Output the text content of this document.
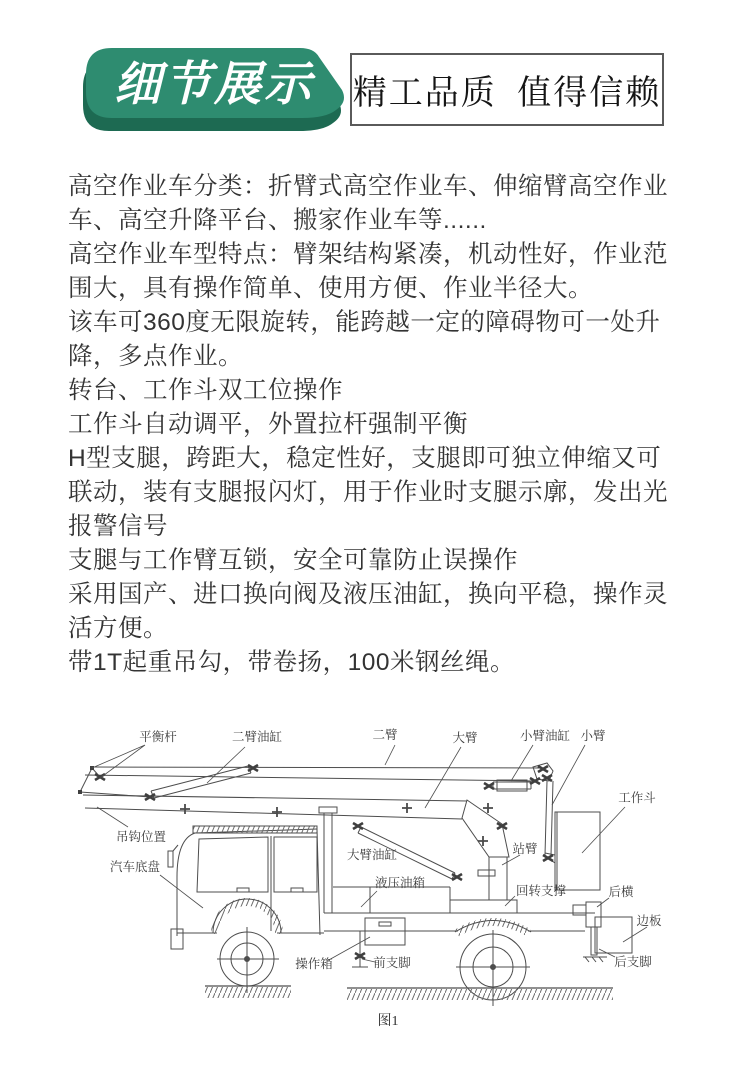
细节展示 精工品质 值得信赖
高空作业车分类：折臂式高空作业车、伸缩臂高空作业
车、高空升降平台、搬家作业车等......
高空作业车型特点：臂架结构紧凑，机动性好，作业范
围大，具有操作简单、使用方便、作业半径大。
该车可360度无限旋转，能跨越一定的障碍物可一处升
降，多点作业。
转台、工作斗双工位操作
工作斗自动调平，外置拉杆强制平衡
H型支腿，跨距大，稳定性好，支腿即可独立伸缩又可
联动，装有支腿报闪灯，用于作业时支腿示廓，发出光
报警信号
支腿与工作臂互锁，安全可靠防止误操作
采用国产、进口换向阀及液压油缸，换向平稳，操作灵
活方便。
带1T起重吊勾，带卷扬，100米钢丝绳。
平衡杆	二臂油缸	二臂	大臂	小臂油缸 小臂
工作斗
吊钩位置
汽车底盘
大臂油缸
液压油箱
站臂
回转支撑	后横
边板
后支脚
操作箱	前支脚
图1
